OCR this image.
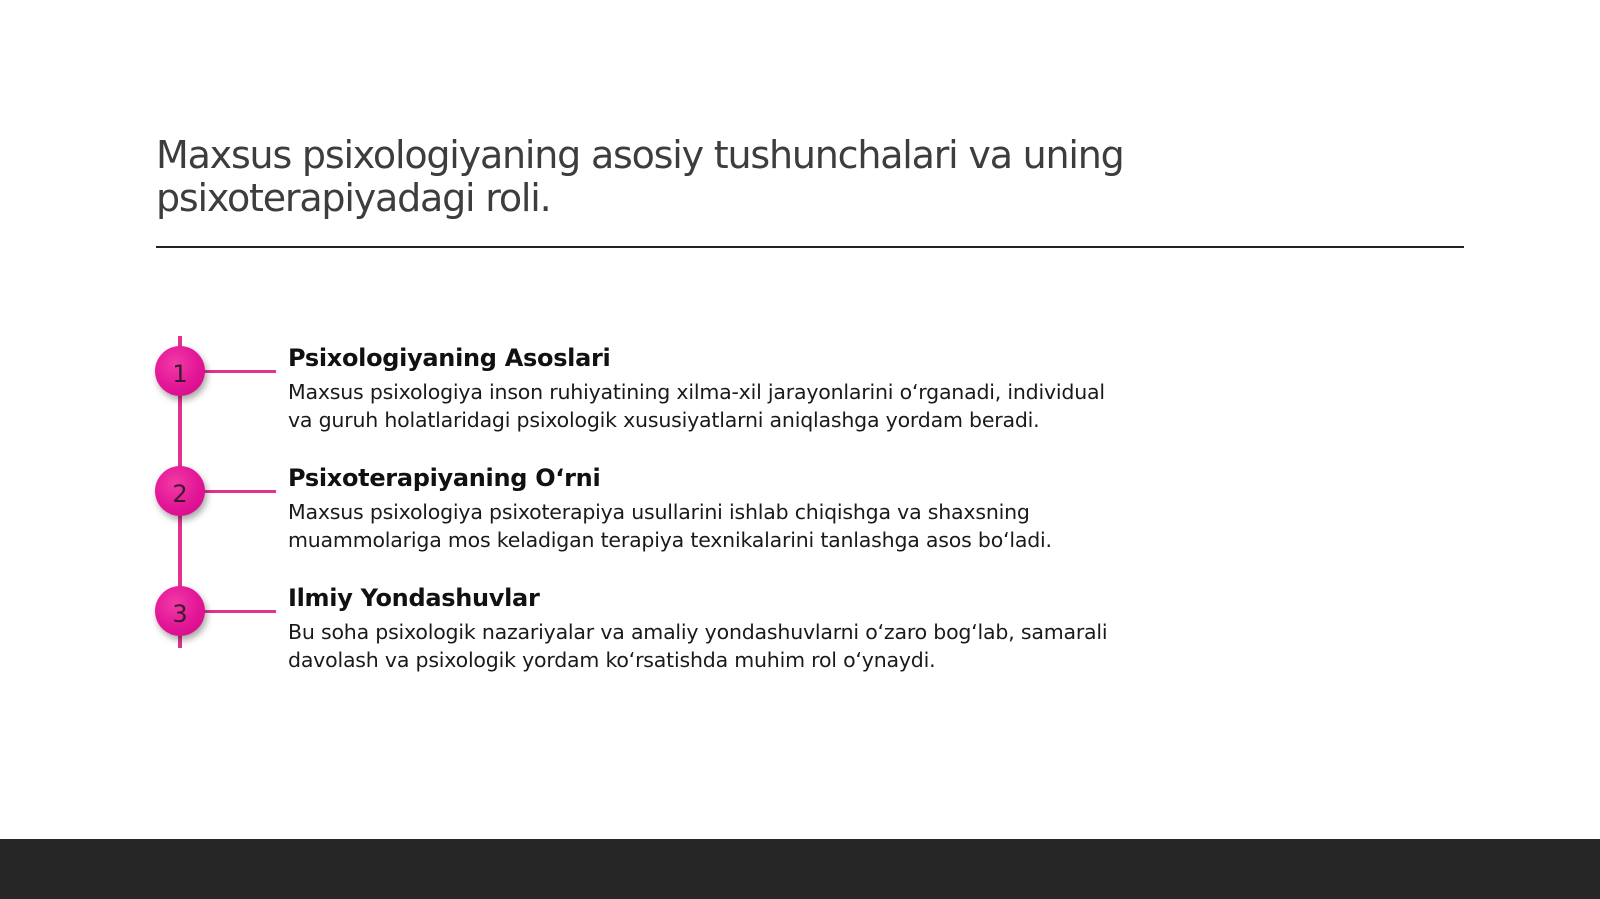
Maxsus psixologiyaning asosiy tushunchalari va uning
psixoterapiyadagi roli.
1
Psixologiyaning Asoslari

Maxsus psixologiya inson ruhiyatining xilma-xil jarayonlarini o‘rganadi, individual va guruh holatlaridagi psixologik xususiyatlarni aniqlashga yordam beradi.

2
Psixoterapiyaning O‘rni

Maxsus psixologiya psixoterapiya usullarini ishlab chiqishga va shaxsning muammolariga mos keladigan terapiya texnikalarini tanlashga asos bo‘ladi.

3
Ilmiy Yondashuvlar

Bu soha psixologik nazariyalar va amaliy yondashuvlarni o‘zaro bog‘lab, samarali davolash va psixologik yordam ko‘rsatishda muhim rol o‘ynaydi.
